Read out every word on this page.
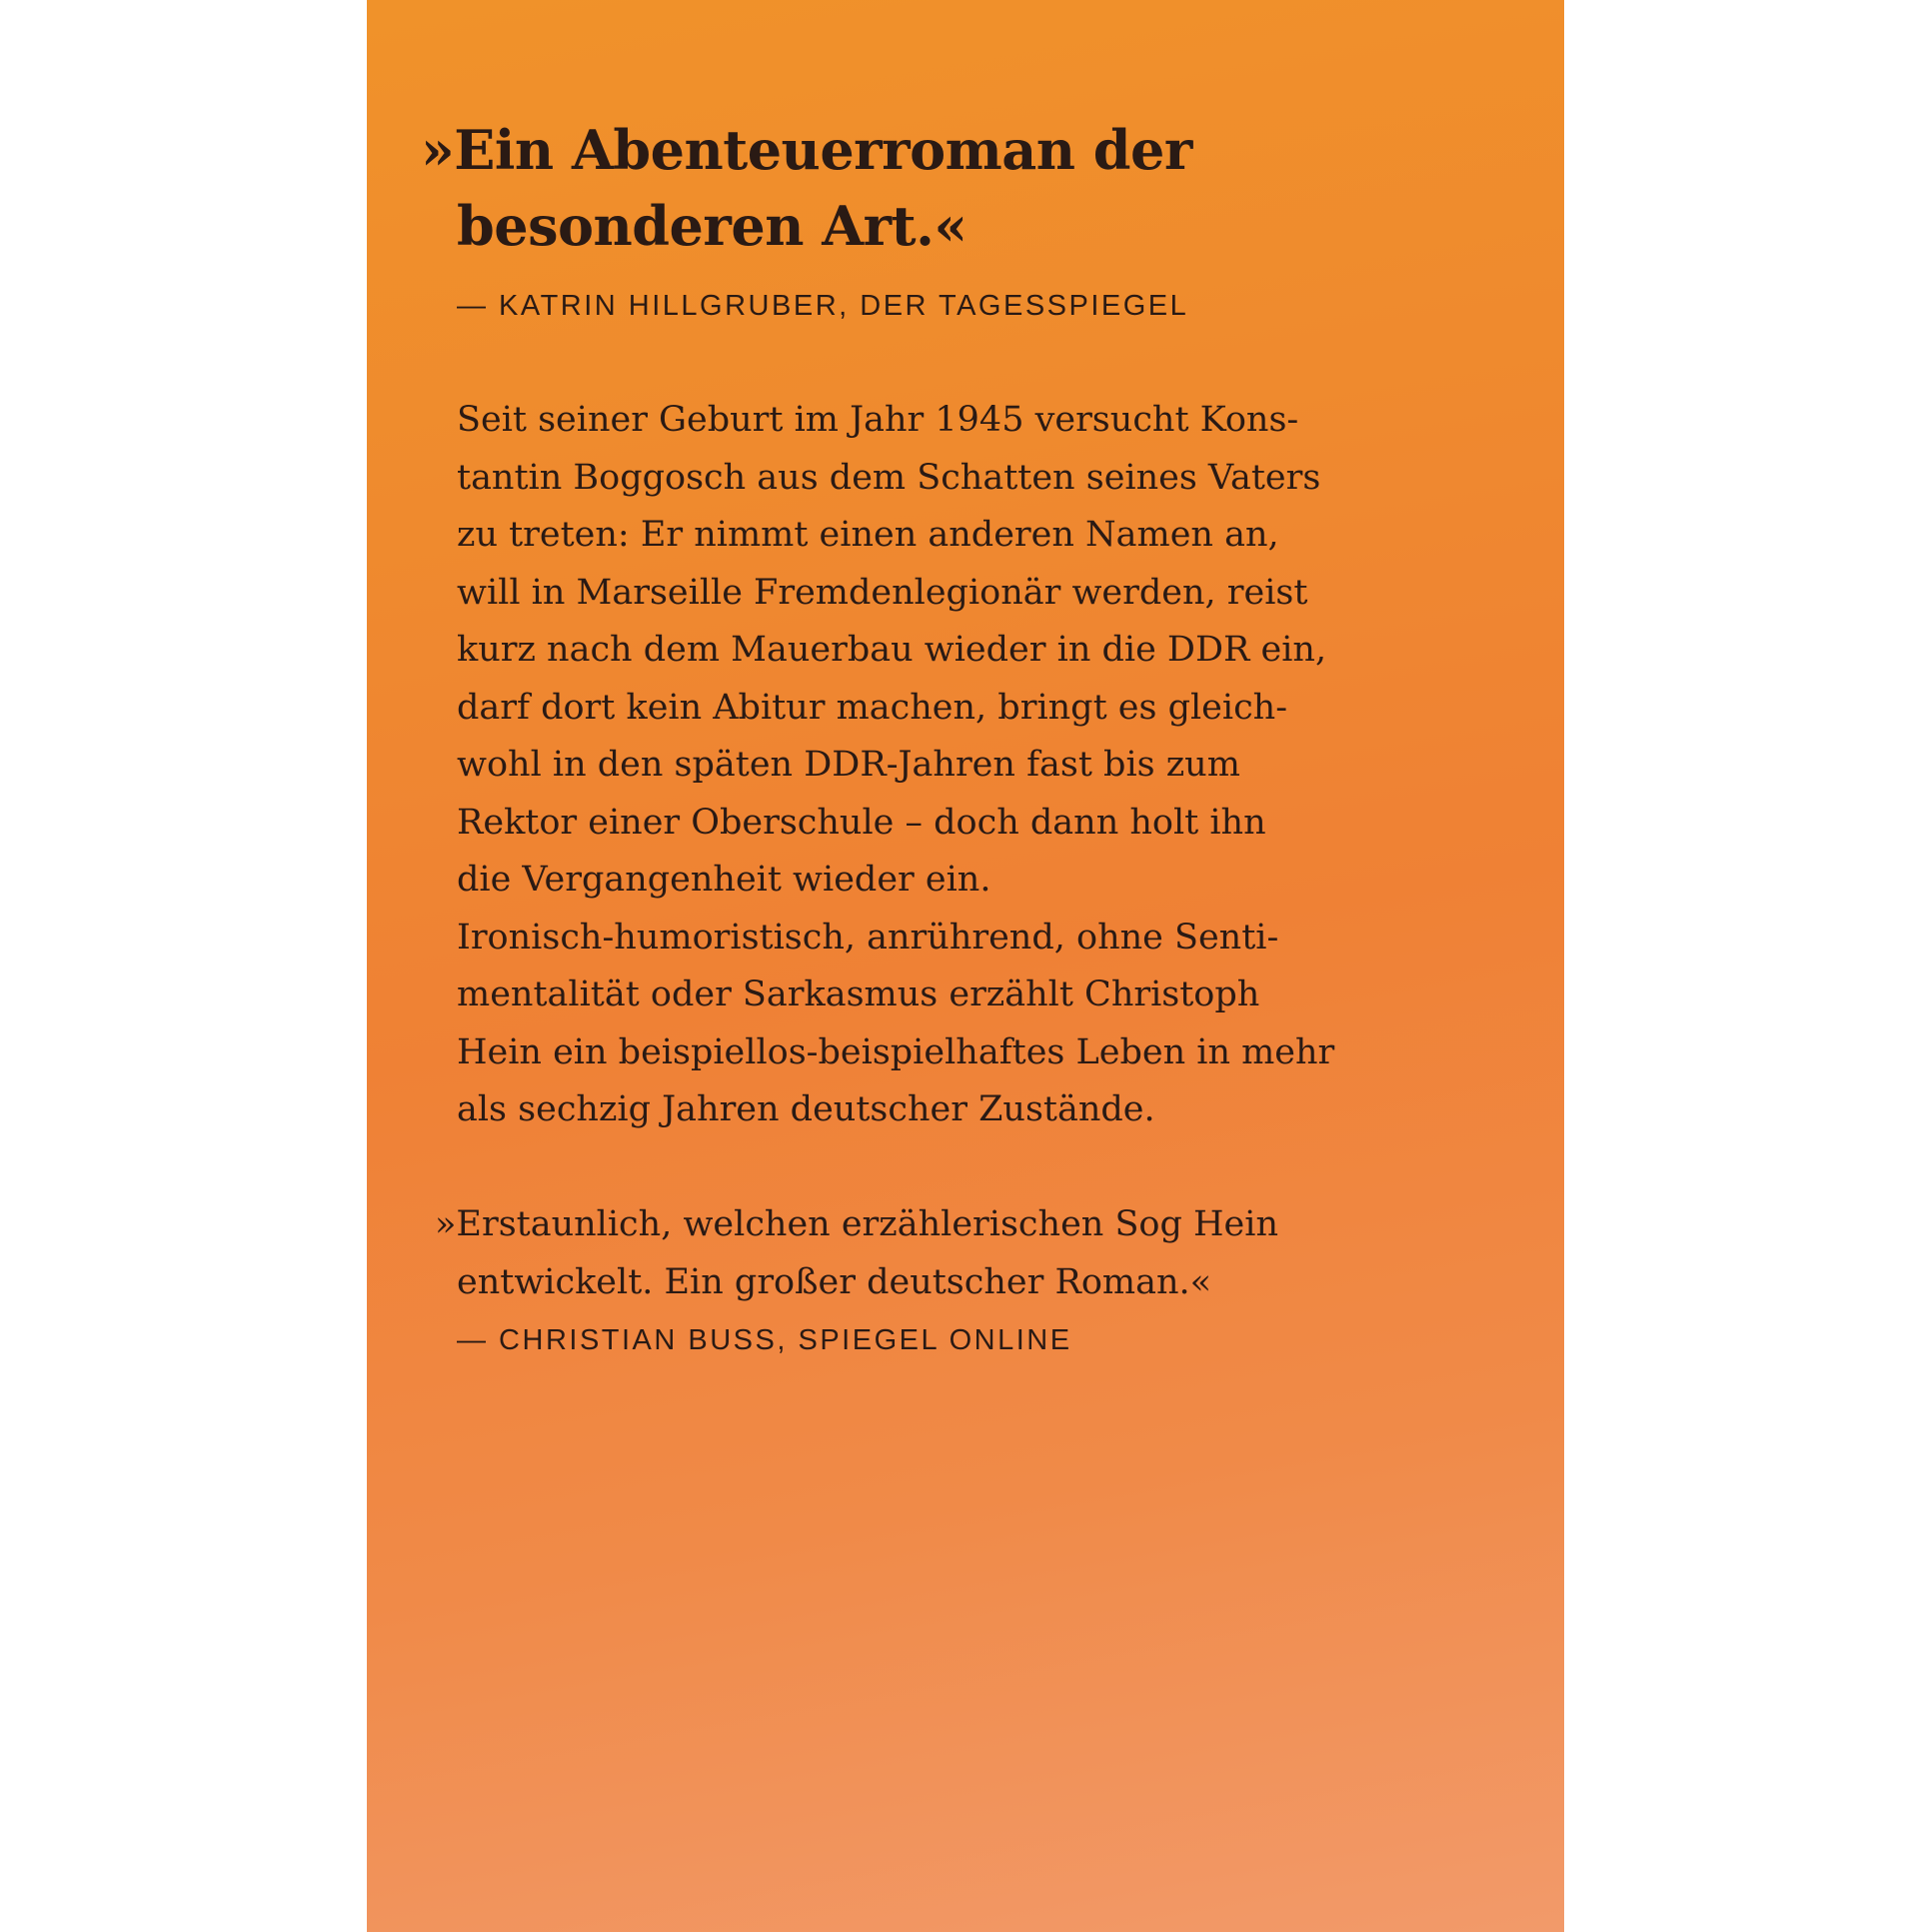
»Ein Abenteuerroman der
besonderen Art.«
— KATRIN HILLGRUBER, DER TAGESSPIEGEL
Seit seiner Geburt im Jahr 1945 versucht Kons-
tantin Boggosch aus dem Schatten seines Vaters
zu treten: Er nimmt einen anderen Namen an,
will in Marseille Fremdenlegionär werden, reist
kurz nach dem Mauerbau wieder in die DDR ein,
darf dort kein Abitur machen, bringt es gleich-
wohl in den späten DDR-Jahren fast bis zum
Rektor einer Oberschule – doch dann holt ihn
die Vergangenheit wieder ein.
Ironisch-humoristisch, anrührend, ohne Senti-
mentalität oder Sarkasmus erzählt Christoph
Hein ein beispiellos-beispielhaftes Leben in mehr
als sechzig Jahren deutscher Zustände.
»Erstaunlich, welchen erzählerischen Sog Hein
entwickelt. Ein großer deutscher Roman.«
— CHRISTIAN BUSS, SPIEGEL ONLINE
